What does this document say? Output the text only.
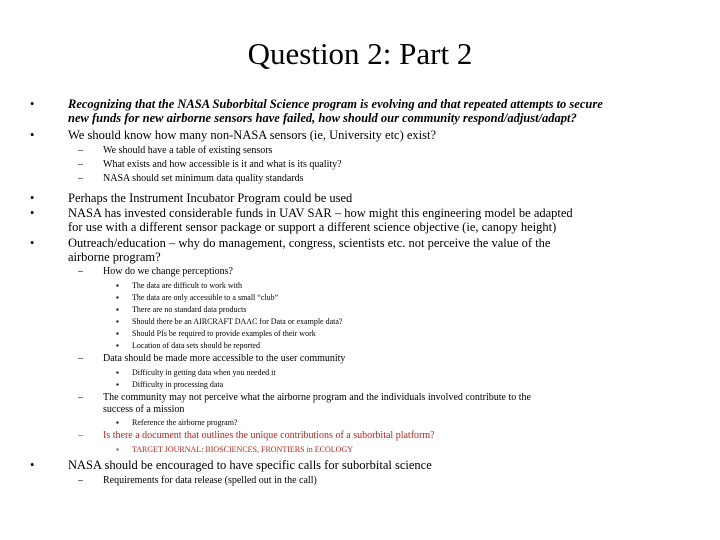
Question 2: Part 2
•	Recognizing that the NASA Suborbital Science program is evolving and that repeated attempts to secure
new funds for new airborne sensors have failed, how should our community respond/adjust/adapt?
•	We should know how many non-NASA sensors (ie, University etc) exist?
– We should have a table of existing sensors
– What exists and how accessible is it and what is its quality?
– NASA should set minimum data quality standards
•	Perhaps the Instrument Incubator Program could be used
•	NASA has invested considerable funds in UAV SAR – how might this engineering model be adapted
for use with a different sensor package or support a different science objective (ie, canopy height)
•	Outreach/education – why do management, congress, scientists etc. not perceive the value of the
airborne program?
– How do we change perceptions?
▪ The data are difficult to work with
▪ The data are only accessible to a small “club”
▪ There are no standard data products
▪ Should there be an AIRCRAFT DAAC for Data or example data?
▪ Should PIs be required to provide examples of their work
▪ Location of data sets should be reported
– Data should be made more accessible to the user community
▪ Difficulty in getting data when you needed it
▪ Difficulty in processing data
– The community may not perceive what the airborne program and the individuals involved contribute to the
success of a mission
▪ Reference the airborne program?
– Is there a document that outlines the unique contributions of a suborbital platform?
▪ TARGET JOURNAL: BIOSCIENCES, FRONTIERS in ECOLOGY
•	NASA should be encouraged to have specific calls for suborbital science
– Requirements for data release (spelled out in the call)
